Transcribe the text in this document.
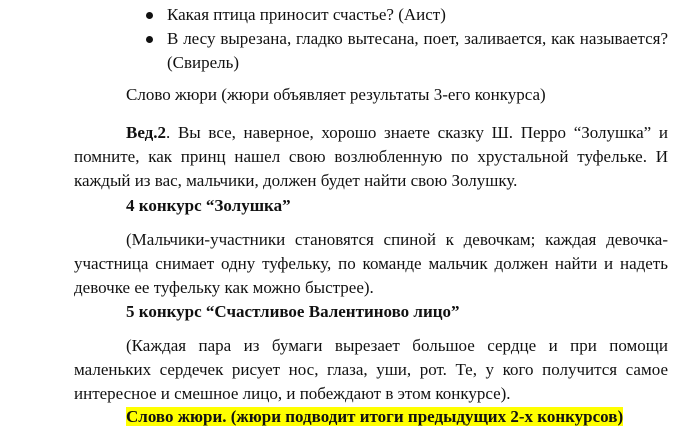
Какая птица приносит счастье? (Аист)
В лесу вырезана, гладко вытесана, поет, заливается, как называется? (Свирель)

Слово жюри (жюри объявляет результаты 3-его конкурса)

Вед.2. Вы все, наверное, хорошо знаете сказку Ш. Перро “Золушка” и помните, как принц нашел свою возлюбленную по хрустальной туфельке. И каждый из вас, мальчики, должен будет найти свою Золушку.

4 конкурс “Золушка”

(Мальчики-участники становятся спиной к девочкам; каждая девочка-участница снимает одну туфельку, по команде мальчик должен найти и надеть девочке ее туфельку как можно быстрее).

5 конкурс “Счастливое Валентиново лицо”

(Каждая пара из бумаги вырезает большое сердце и при помощи маленьких сердечек рисует нос, глаза, уши, рот. Те, у кого получится самое интересное и смешное лицо, и побеждают в этом конкурсе).

Слово жюри. (жюри подводит итоги предыдущих 2-х конкурсов)
